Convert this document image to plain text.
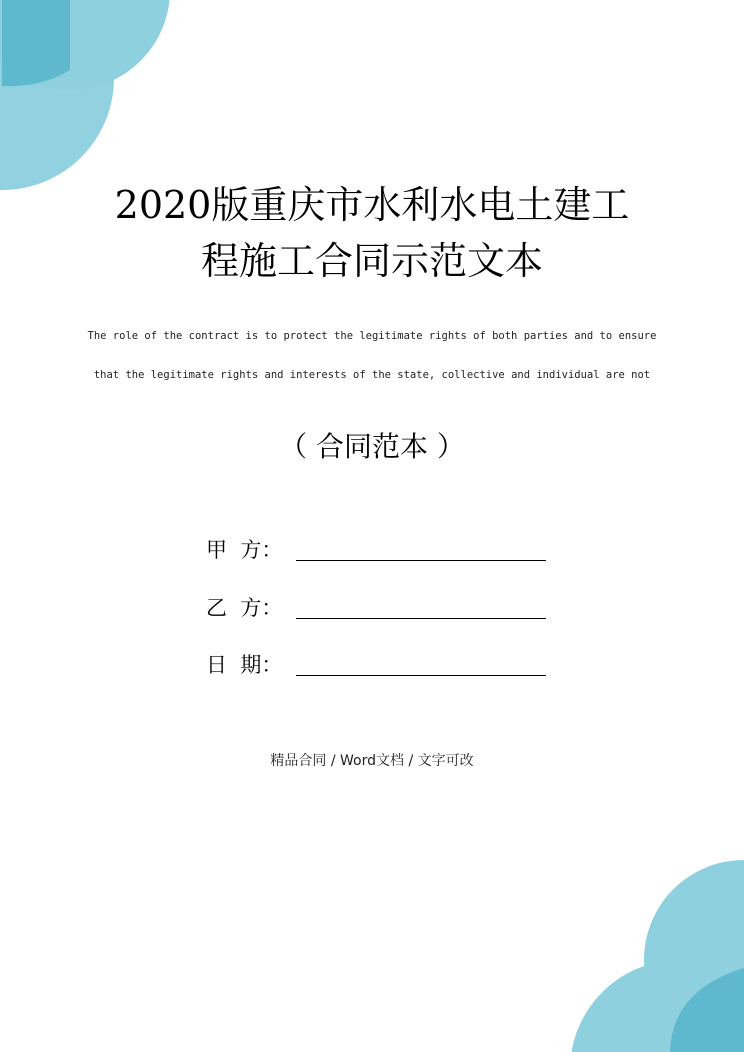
2020版重庆市水利水电土建工
程施工合同示范文本
The role of the contract is to protect the legitimate rights of both parties and to ensure
that the legitimate rights and interests of the state, collective and individual are not
（ 合同范本 ）
甲  方：
乙  方：
日  期：
精品合同 / Word文档 / 文字可改
